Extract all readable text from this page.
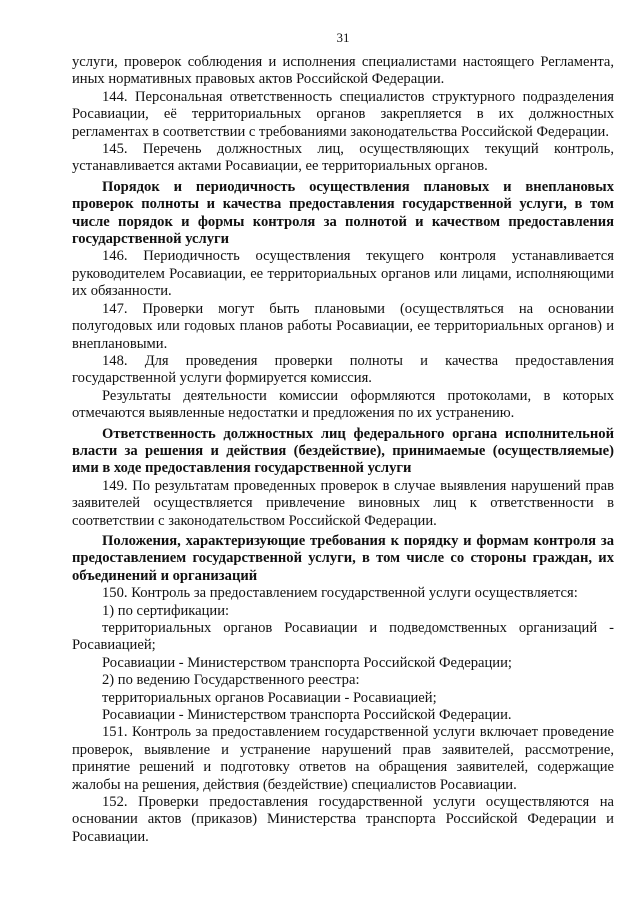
31

услуги, проверок соблюдения и исполнения специалистами настоящего Регламента, иных нормативных правовых актов Российской Федерации.

144. Персональная ответственность специалистов структурного подразделения Росавиации, её территориальных органов закрепляется в их должностных регламентах в соответствии с требованиями законодательства Российской Федерации.

145. Перечень должностных лиц, осуществляющих текущий контроль, устанавливается актами Росавиации, ее территориальных органов.

Порядок и периодичность осуществления плановых и внеплановых проверок полноты и качества предоставления государственной услуги, в том числе порядок и формы контроля за полнотой и качеством предоставления государственной услуги

146. Периодичность осуществления текущего контроля устанавливается руководителем Росавиации, ее территориальных органов или лицами, исполняющими их обязанности.

147. Проверки могут быть плановыми (осуществляться на основании полугодовых или годовых планов работы Росавиации, ее территориальных органов) и внеплановыми.

148. Для проведения проверки полноты и качества предоставления государственной услуги формируется комиссия.

Результаты деятельности комиссии оформляются протоколами, в которых отмечаются выявленные недостатки и предложения по их устранению.

Ответственность должностных лиц федерального органа исполнительной власти за решения и действия (бездействие), принимаемые (осуществляемые) ими в ходе предоставления государственной услуги

149. По результатам проведенных проверок в случае выявления нарушений прав заявителей осуществляется привлечение виновных лиц к ответственности в соответствии с законодательством Российской Федерации.

Положения, характеризующие требования к порядку и формам контроля за предоставлением государственной услуги, в том числе со стороны граждан, их объединений и организаций

150. Контроль за предоставлением государственной услуги осуществляется:

1) по сертификации:

территориальных органов Росавиации и подведомственных организаций - Росавиацией;

Росавиации - Министерством транспорта Российской Федерации;

2) по ведению Государственного реестра:

территориальных органов Росавиации - Росавиацией;

Росавиации - Министерством транспорта Российской Федерации.

151. Контроль за предоставлением государственной услуги включает проведение проверок, выявление и устранение нарушений прав заявителей, рассмотрение, принятие решений и подготовку ответов на обращения заявителей, содержащие жалобы на решения, действия (бездействие) специалистов Росавиации.

152. Проверки предоставления государственной услуги осуществляются на основании актов (приказов) Министерства транспорта Российской Федерации и Росавиации.
